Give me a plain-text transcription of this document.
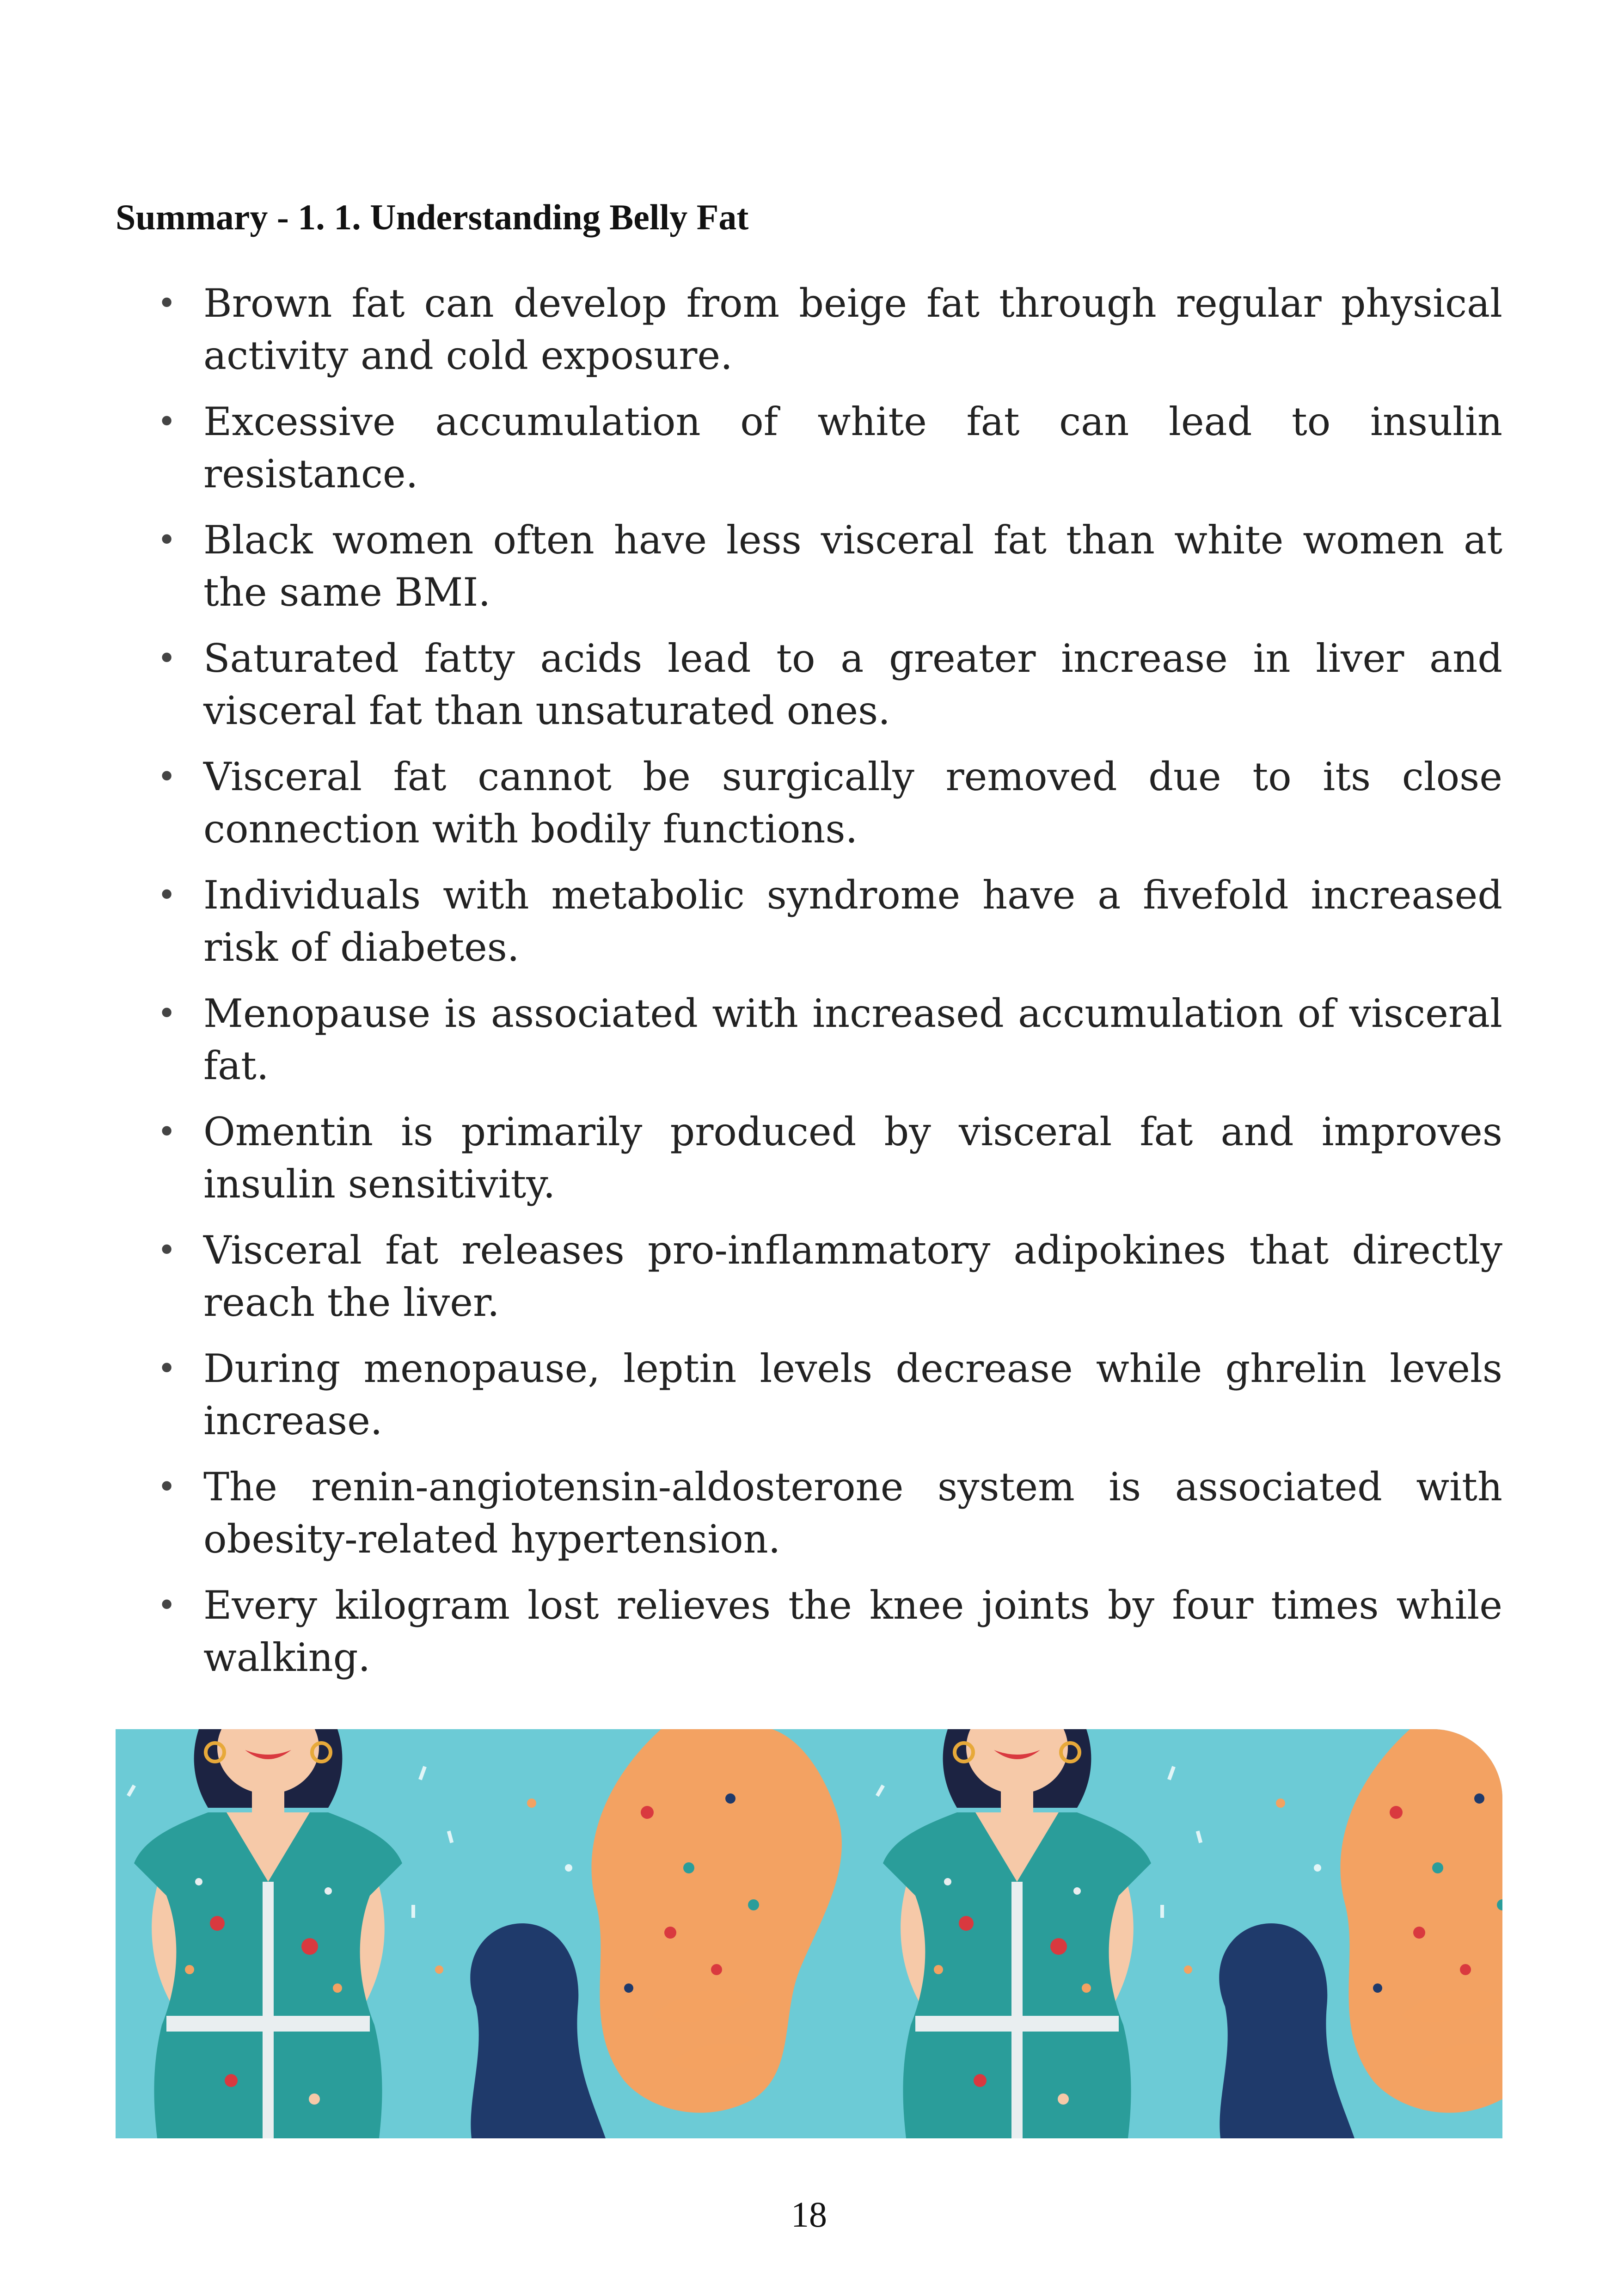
Summary - 1. 1. Understanding Belly Fat
• Brown fat can develop from beige fat through regular physical activity and cold exposure.
• Excessive accumulation of white fat can lead to insulin resistance.
• Black women often have less visceral fat than white women at the same BMI.
• Saturated fatty acids lead to a greater increase in liver and visceral fat than unsaturated ones.
• Visceral fat cannot be surgically removed due to its close connection with bodily functions.
• Individuals with metabolic syndrome have a fivefold increased risk of diabetes.
• Menopause is associated with increased accumulation of visceral fat.
• Omentin is primarily produced by visceral fat and improves insulin sensitivity.
• Visceral fat releases pro-inflammatory adipokines that directly reach the liver.
• During menopause, leptin levels decrease while ghrelin levels increase.
• The renin-angiotensin-aldosterone system is associated with obesity-related hypertension.
• Every kilogram lost relieves the knee joints by four times while walking.
18
